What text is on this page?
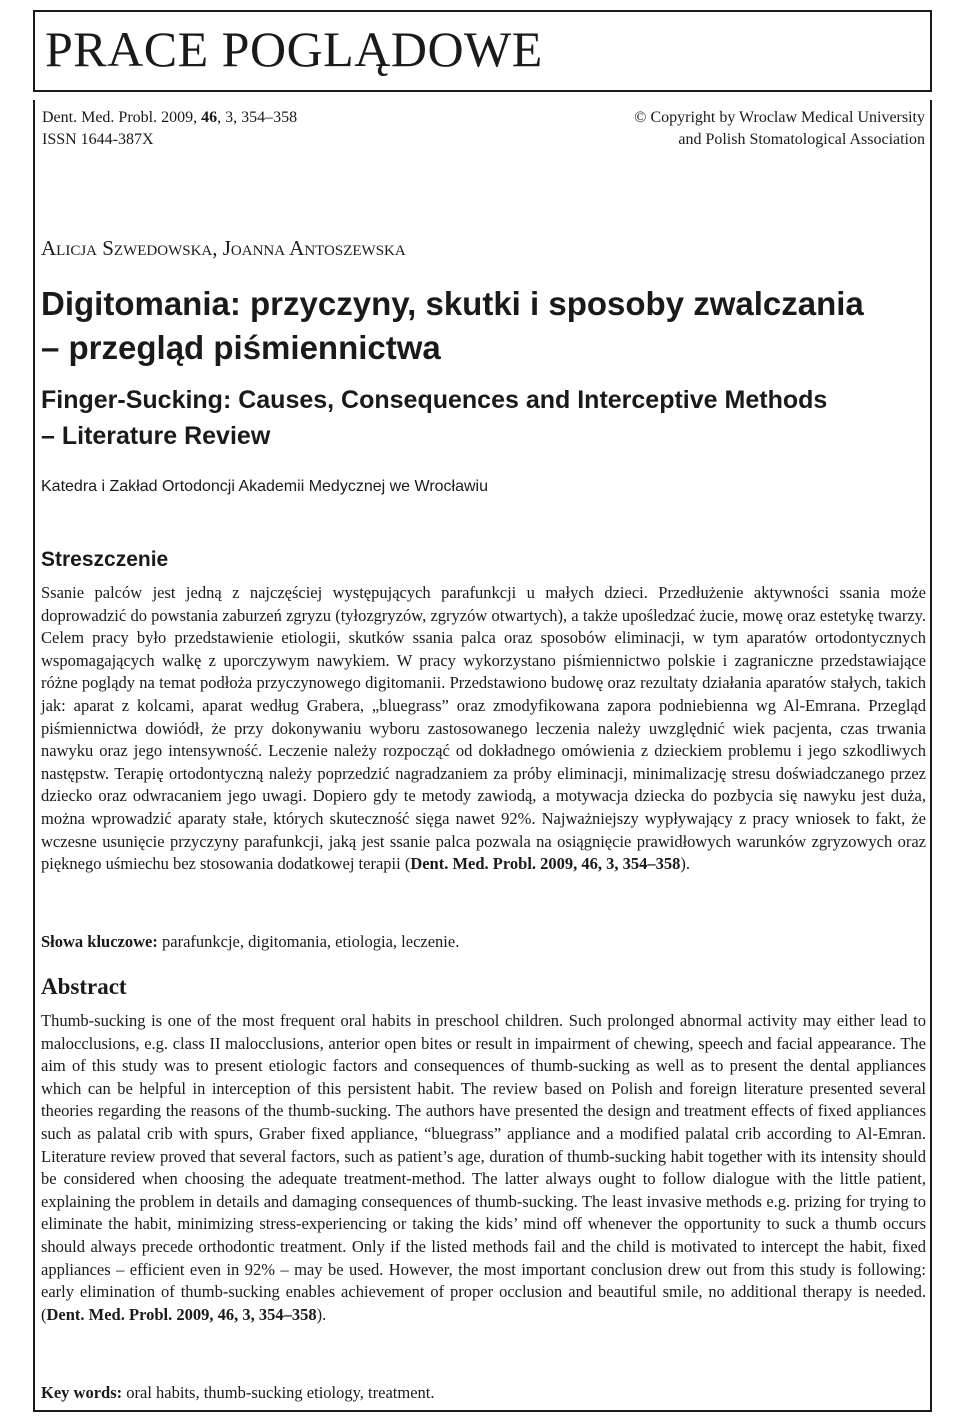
PRACE POGLĄDOWE
Dent. Med. Probl. 2009, 46, 3, 354–358
ISSN 1644-387X
© Copyright by Wroclaw Medical University
and Polish Stomatological Association
Alicja Szwedowska, Joanna Antoszewska
Digitomania: przyczyny, skutki i sposoby zwalczania
– przegląd piśmiennictwa
Finger-Sucking: Causes, Consequences and Interceptive Methods
– Literature Review
Katedra i Zakład Ortodoncji Akademii Medycznej we Wrocławiu
Streszczenie

Ssanie palców jest jedną z najczęściej występujących parafunkcji u małych dzieci. Przedłużenie aktywności ssania może doprowadzić do powstania zaburzeń zgryzu (tyłozgryzów, zgryzów otwartych), a także upośledzać żucie, mowę oraz estetykę twarzy. Celem pracy było przedstawienie etiologii, skutków ssania palca oraz sposobów eliminacji, w tym aparatów ortodontycznych wspomagających walkę z uporczywym nawykiem. W pracy wykorzystano piśmiennictwo polskie i zagraniczne przedstawiające różne poglądy na temat podłoża przyczynowego digitomanii. Przedstawiono budowę oraz rezultaty działania aparatów stałych, takich jak: aparat z kolcami, aparat według Grabera, „bluegrass” oraz zmodyfikowana zapora podniebienna wg Al-Emrana. Przegląd piśmiennictwa dowiódł, że przy dokonywaniu wyboru zastosowanego leczenia należy uwzględnić wiek pacjenta, czas trwania nawyku oraz jego intensywność. Leczenie należy rozpocząć od dokładnego omówienia z dzieckiem problemu i jego szkodliwych następstw. Terapię ortodontyczną należy poprzedzić nagradzaniem za próby eliminacji, minimalizację stresu doświadczanego przez dziecko oraz odwracaniem jego uwagi. Dopiero gdy te metody zawiodą, a motywacja dziecka do pozbycia się nawyku jest duża, można wprowadzić aparaty stałe, których skuteczność sięga nawet 92%. Najważniejszy wypływający z pracy wniosek to fakt, że wczesne usunięcie przyczyny parafunkcji, jaką jest ssanie palca pozwala na osiągnięcie prawidłowych warunków zgryzowych oraz pięknego uśmiechu bez stosowania dodatkowej terapii (Dent. Med. Probl. 2009, 46, 3, 354–358).

Słowa kluczowe: parafunkcje, digitomania, etiologia, leczenie.

Abstract

Thumb-sucking is one of the most frequent oral habits in preschool children. Such prolonged abnormal activity may either lead to malocclusions, e.g. class II malocclusions, anterior open bites or result in impairment of chewing, speech and facial appearance. The aim of this study was to present etiologic factors and consequences of thumb-sucking as well as to present the dental appliances which can be helpful in interception of this persistent habit. The review based on Polish and foreign literature presented several theories regarding the reasons of the thumb-sucking. The authors have presented the design and treatment effects of fixed appliances such as palatal crib with spurs, Graber fixed appliance, “bluegrass” appliance and a modified palatal crib according to Al-Emran. Literature review proved that several factors, such as patient’s age, duration of thumb-sucking habit together with its intensity should be considered when choosing the adequate treatment-method. The latter always ought to follow dialogue with the little patient, explaining the problem in details and damaging consequences of thumb-sucking. The least invasive methods e.g. prizing for trying to eliminate the habit, minimizing stress-experiencing or taking the kids’ mind off whenever the opportunity to suck a thumb occurs should always precede orthodontic treatment. Only if the listed methods fail and the child is motivated to intercept the habit, fixed appliances – efficient even in 92% – may be used. However, the most important conclusion drew out from this study is following: early elimination of thumb-sucking enables achievement of proper occlusion and beautiful smile, no additional therapy is needed. (Dent. Med. Probl. 2009, 46, 3, 354–358).

Key words: oral habits, thumb-sucking etiology, treatment.
